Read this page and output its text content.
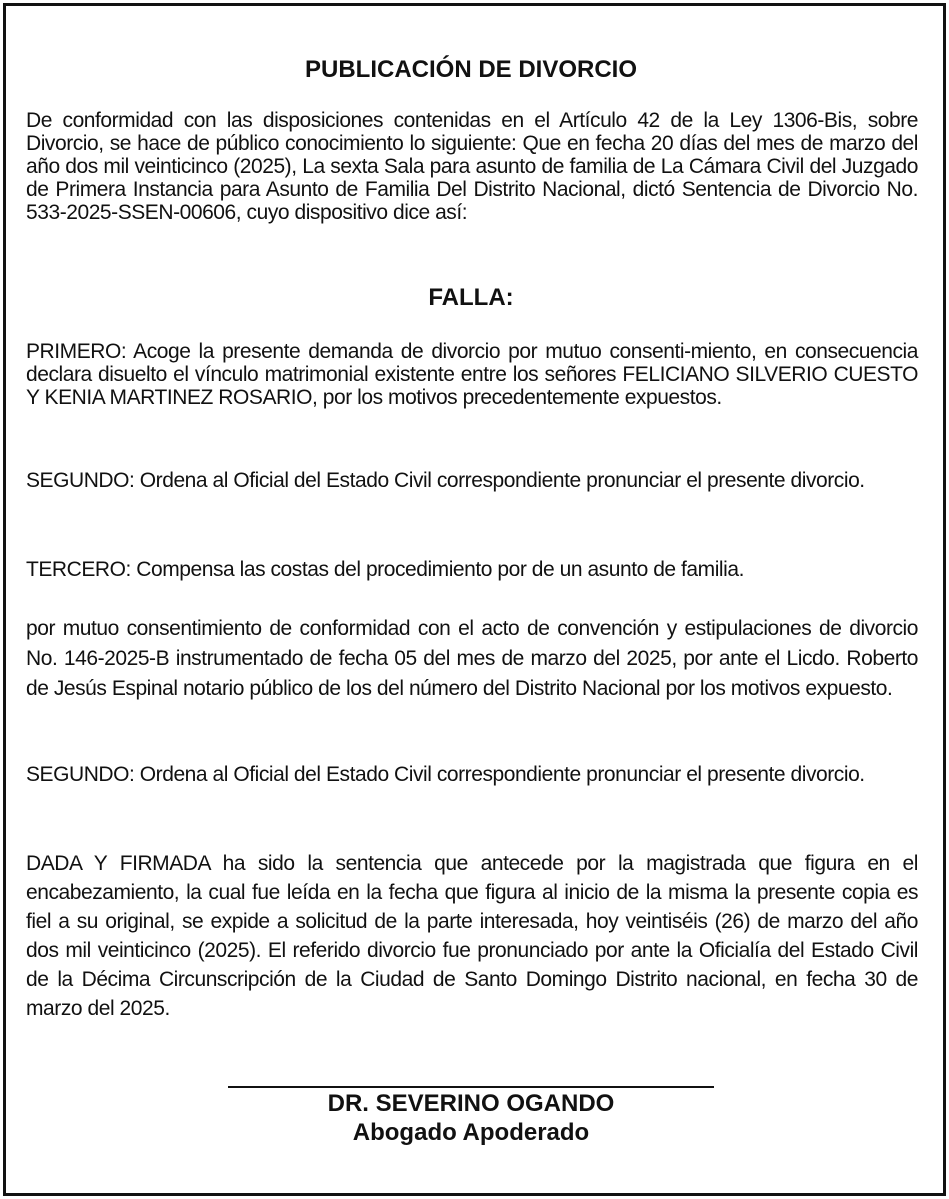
PUBLICACIÓN DE DIVORCIO
De conformidad con las disposiciones contenidas en el Artículo 42 de la Ley 1306-Bis, sobre Divorcio, se hace de público conocimiento lo siguiente: Que en fecha 20 días del mes de marzo del año dos mil veinticinco (2025), La sexta Sala para asunto de familia de La Cámara Civil del Juzgado de Primera Instancia para Asunto de Familia Del Distrito Nacional, dictó Sentencia de Divorcio No. 533-2025-SSEN-00606, cuyo dispositivo dice así:
FALLA:
PRIMERO: Acoge la presente demanda de divorcio por mutuo consenti-miento, en consecuencia declara disuelto el vínculo matrimonial existente entre los señores FELICIANO SILVERIO CUESTO Y KENIA MARTINEZ ROSARIO, por los motivos precedentemente expuestos.
SEGUNDO: Ordena al Oficial del Estado Civil correspondiente pronunciar el presente divorcio.
TERCERO: Compensa las costas del procedimiento por de un asunto de familia.
por mutuo consentimiento de conformidad con el acto de convención y estipulaciones de divorcio No. 146-2025-B instrumentado de fecha 05 del mes de marzo del 2025, por ante el Licdo. Roberto de Jesús Espinal notario público de los del número del Distrito Nacional por los motivos expuesto.
SEGUNDO: Ordena al Oficial del Estado Civil correspondiente pronunciar el presente divorcio.
DADA Y FIRMADA ha sido la sentencia que antecede por la magistrada que figura en el encabezamiento, la cual fue leída en la fecha que figura al inicio de la misma la presente copia es fiel a su original, se expide a solicitud de la parte interesada, hoy veintiséis (26) de marzo del año dos mil veinticinco (2025). El referido divorcio fue pronunciado por ante la Oficialía del Estado Civil de la Décima Circunscripción de la Ciudad de Santo Domingo Distrito nacional, en fecha 30 de marzo del 2025.
DR. SEVERINO OGANDO
Abogado Apoderado
